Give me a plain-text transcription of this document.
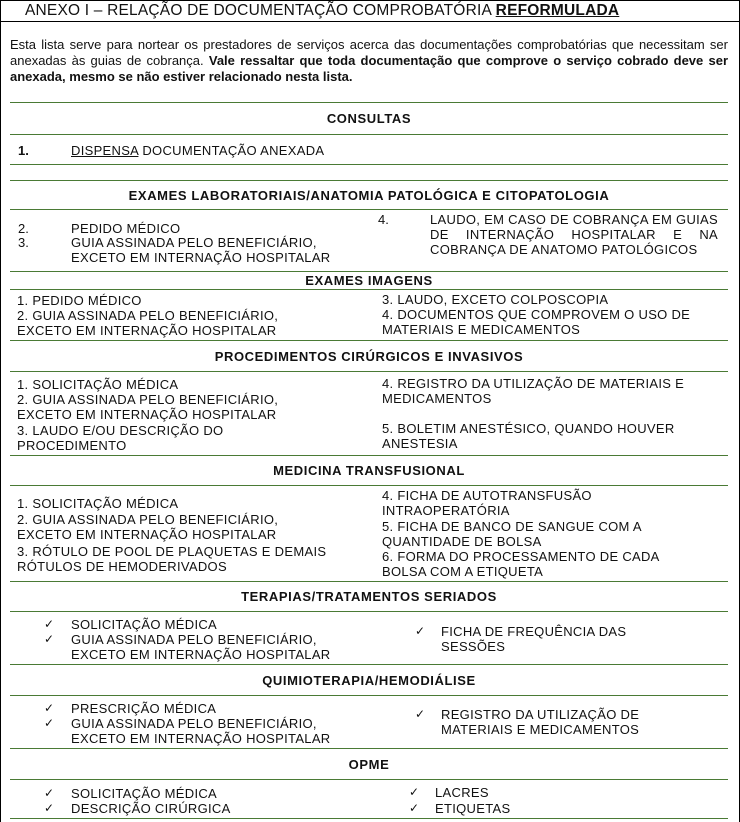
ANEXO I – RELAÇÃO DE DOCUMENTAÇÃO COMPROBATÓRIA REFORMULADA
Esta lista serve para nortear os prestadores de serviços acerca das documentações comprobatórias que necessitam ser anexadas às guias de cobrança. Vale ressaltar que toda documentação que comprove o serviço cobrado deve ser anexada, mesmo se não estiver relacionado nesta lista.
CONSULTAS
1.	DISPENSA DOCUMENTAÇÃO ANEXADA
EXAMES LABORATORIAIS/ANATOMIA PATOLÓGICA E CITOPATOLOGIA
2.	PEDIDO MÉDICO
3.	GUIA ASSINADA PELO BENEFICIÁRIO, EXCETO EM INTERNAÇÃO HOSPITALAR
4.	LAUDO, EM CASO DE COBRANÇA EM GUIAS DE INTERNAÇÃO HOSPITALAR E NA COBRANÇA DE ANATOMO PATOLÓGICOS
EXAMES IMAGENS
1. PEDIDO MÉDICO
2. GUIA ASSINADA PELO BENEFICIÁRIO, EXCETO EM INTERNAÇÃO HOSPITALAR
3. LAUDO, EXCETO COLPOSCOPIA
4. DOCUMENTOS QUE COMPROVEM O USO DE MATERIAIS E MEDICAMENTOS
PROCEDIMENTOS CIRÚRGICOS E INVASIVOS
1. SOLICITAÇÃO MÉDICA
2. GUIA ASSINADA PELO BENEFICIÁRIO, EXCETO EM INTERNAÇÃO HOSPITALAR
3. LAUDO E/OU DESCRIÇÃO DO PROCEDIMENTO
4. REGISTRO DA UTILIZAÇÃO DE MATERIAIS E MEDICAMENTOS
5. BOLETIM ANESTÉSICO, QUANDO HOUVER ANESTESIA
MEDICINA TRANSFUSIONAL
1. SOLICITAÇÃO MÉDICA
2. GUIA ASSINADA PELO BENEFICIÁRIO, EXCETO EM INTERNAÇÃO HOSPITALAR
3. RÓTULO DE POOL DE PLAQUETAS E DEMAIS RÓTULOS DE HEMODERIVADOS
4. FICHA DE AUTOTRANSFUSÃO INTRAOPERATÓRIA
5. FICHA DE BANCO DE SANGUE COM A QUANTIDADE DE BOLSA
6. FORMA DO PROCESSAMENTO DE CADA BOLSA COM A ETIQUETA
TERAPIAS/TRATAMENTOS SERIADOS
✓ SOLICITAÇÃO MÉDICA
✓ GUIA ASSINADA PELO BENEFICIÁRIO, EXCETO EM INTERNAÇÃO HOSPITALAR
✓ FICHA DE FREQUÊNCIA DAS SESSÕES
QUIMIOTERAPIA/HEMODIÁLISE
✓ PRESCRIÇÃO MÉDICA
✓ GUIA ASSINADA PELO BENEFICIÁRIO, EXCETO EM INTERNAÇÃO HOSPITALAR
✓ REGISTRO DA UTILIZAÇÃO DE MATERIAIS E MEDICAMENTOS
OPME
✓ SOLICITAÇÃO MÉDICA
✓ DESCRIÇÃO CIRÚRGICA
✓ LACRES
✓ ETIQUETAS
